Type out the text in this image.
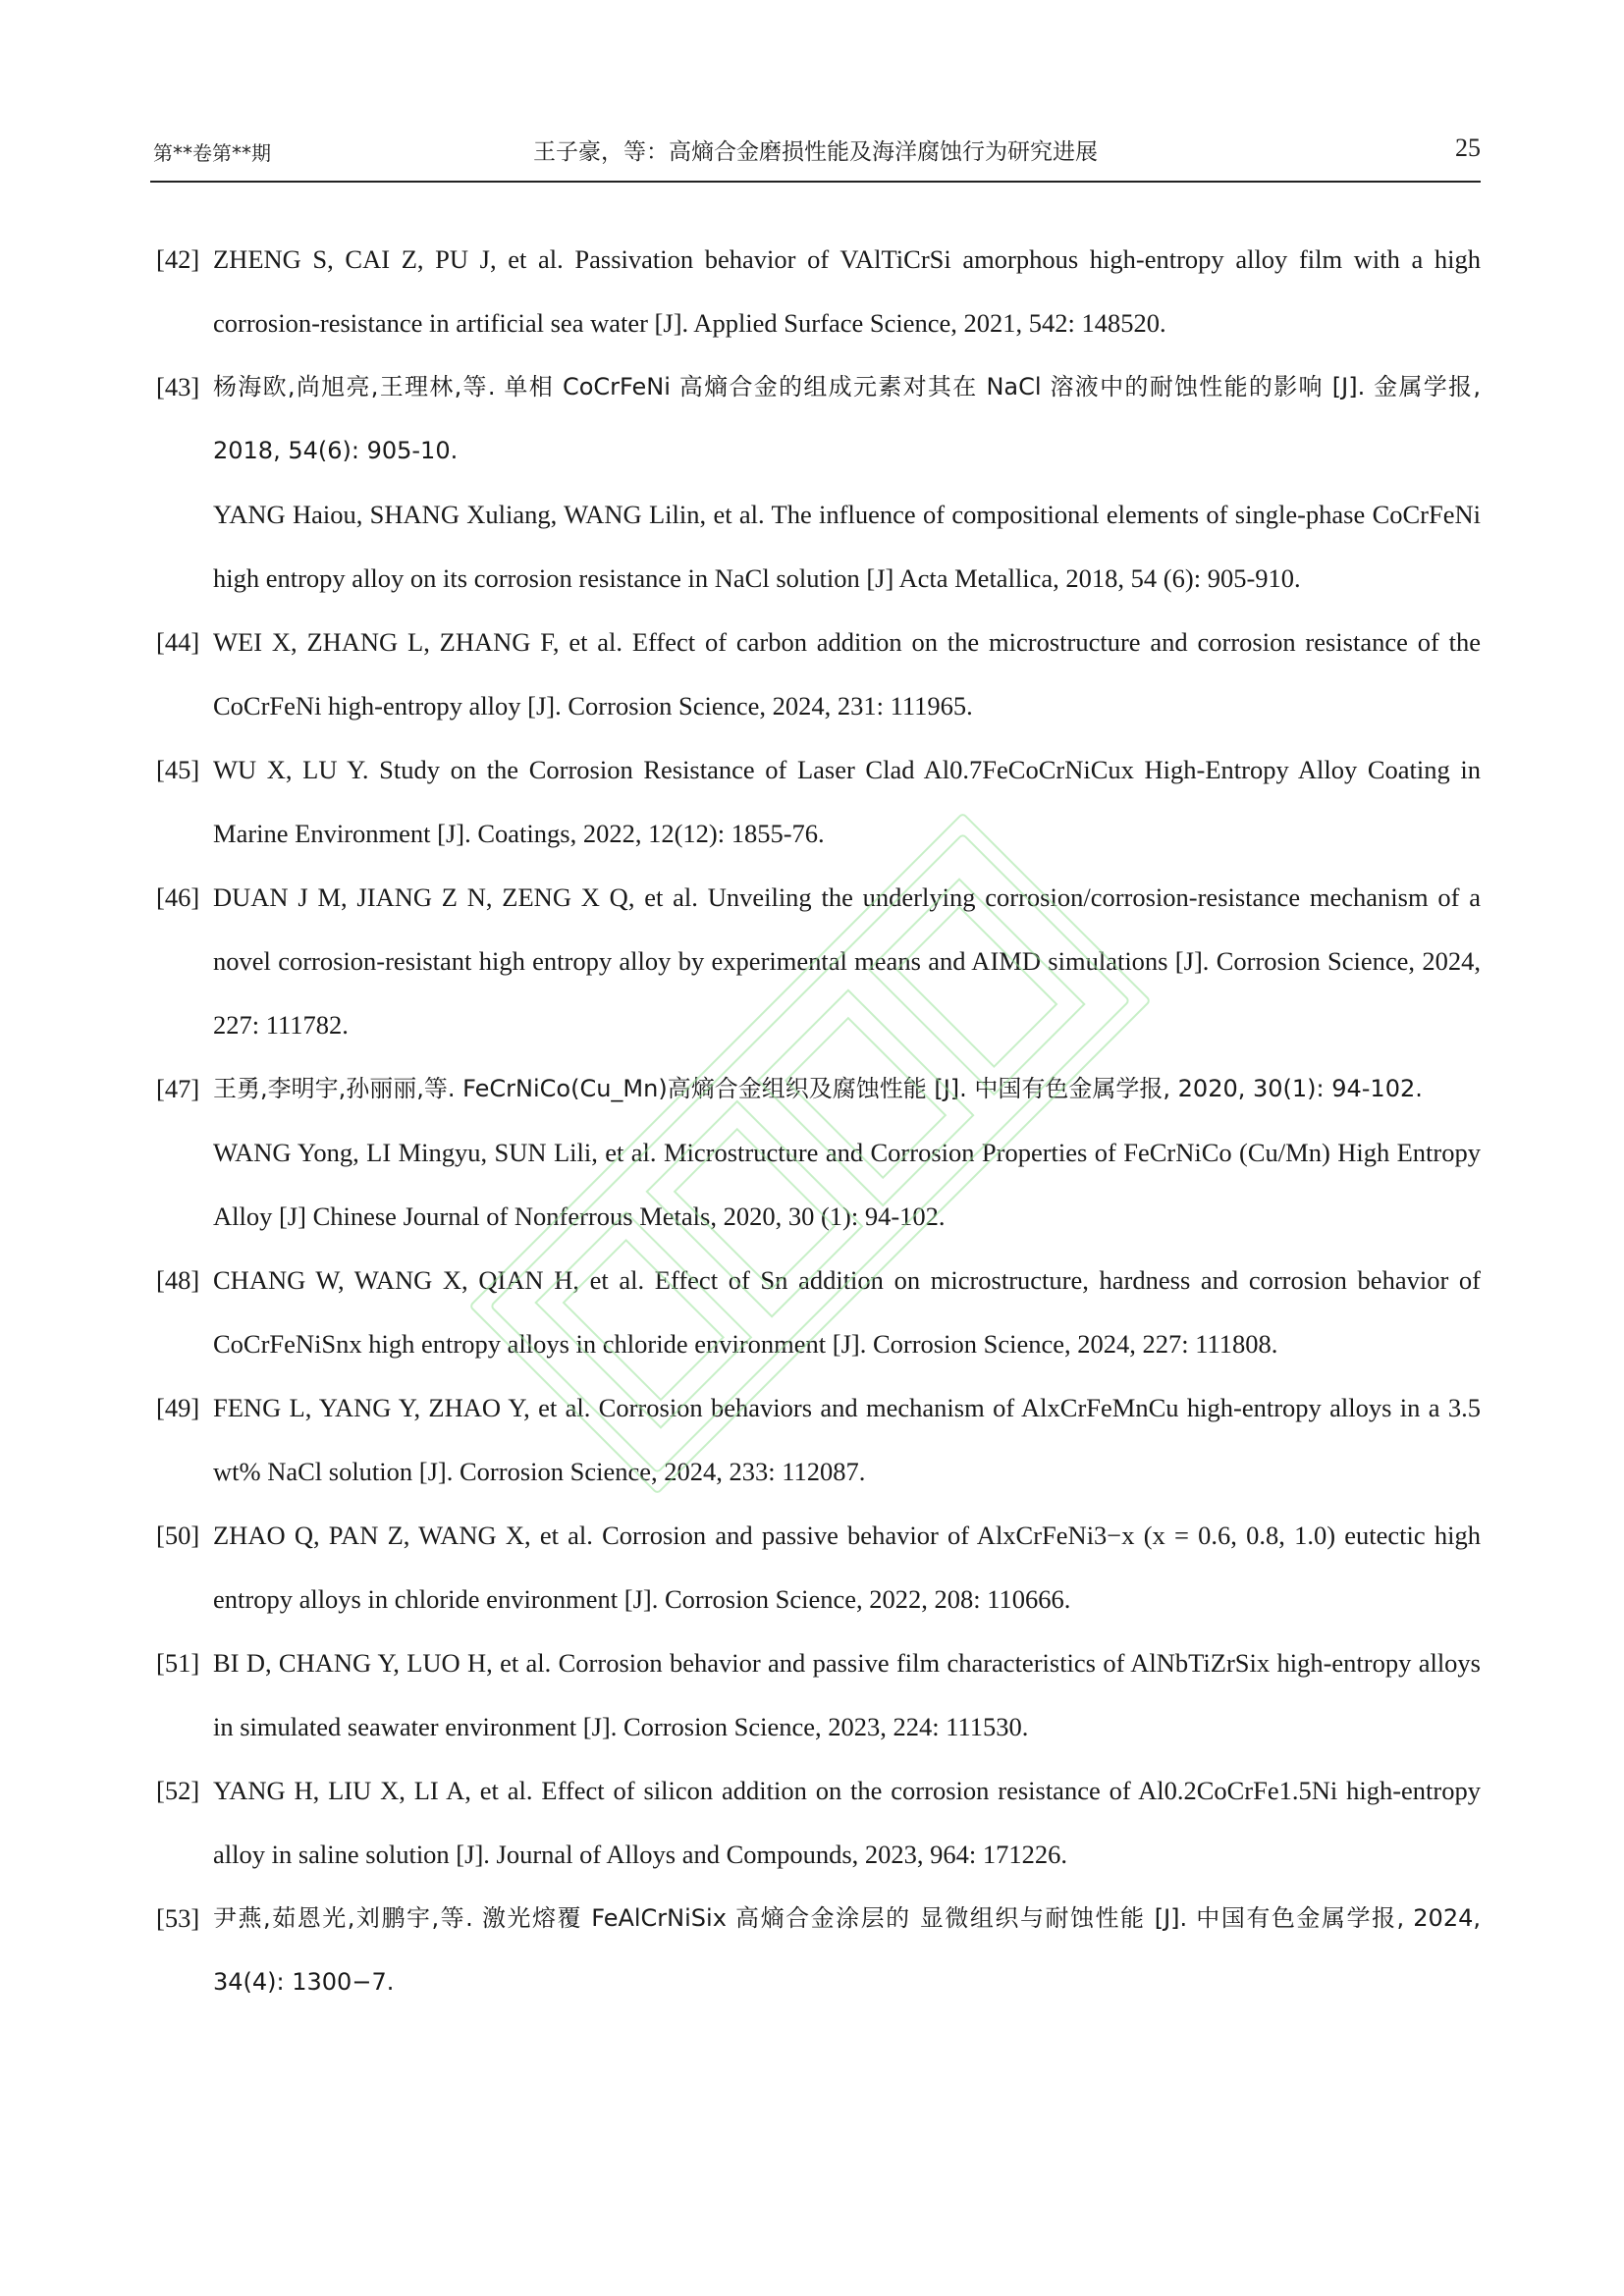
第**卷第**期	王子豪，等：高熵合金磨损性能及海洋腐蚀行为研究进展	25
[42] ZHENG S, CAI Z, PU J, et al. Passivation behavior of VAlTiCrSi amorphous high-entropy alloy film with a high corrosion-resistance in artificial sea water [J]. Applied Surface Science, 2021, 542: 148520.
[43] 杨海欧,尚旭亮,王理林,等. 单相 CoCrFeNi 高熵合金的组成元素对其在 NaCl 溶液中的耐蚀性能的影响 [J]. 金属学报, 2018, 54(6): 905-10.
YANG Haiou, SHANG Xuliang, WANG Lilin, et al. The influence of compositional elements of single-phase CoCrFeNi high entropy alloy on its corrosion resistance in NaCl solution [J] Acta Metallica, 2018, 54 (6): 905-910.
[44] WEI X, ZHANG L, ZHANG F, et al. Effect of carbon addition on the microstructure and corrosion resistance of the CoCrFeNi high-entropy alloy [J]. Corrosion Science, 2024, 231: 111965.
[45] WU X, LU Y. Study on the Corrosion Resistance of Laser Clad Al0.7FeCoCrNiCux High-Entropy Alloy Coating in Marine Environment [J]. Coatings, 2022, 12(12): 1855-76.
[46] DUAN J M, JIANG Z N, ZENG X Q, et al. Unveiling the underlying corrosion/corrosion-resistance mechanism of a novel corrosion-resistant high entropy alloy by experimental means and AIMD simulations [J]. Corrosion Science, 2024, 227: 111782.
[47] 王勇,李明宇,孙丽丽,等. FeCrNiCo(Cu_Mn)高熵合金组织及腐蚀性能 [J]. 中国有色金属学报, 2020, 30(1): 94-102.
WANG Yong, LI Mingyu, SUN Lili, et al. Microstructure and Corrosion Properties of FeCrNiCo (Cu/Mn) High Entropy Alloy [J] Chinese Journal of Nonferrous Metals, 2020, 30 (1): 94-102.
[48] CHANG W, WANG X, QIAN H, et al. Effect of Sn addition on microstructure, hardness and corrosion behavior of CoCrFeNiSnx high entropy alloys in chloride environment [J]. Corrosion Science, 2024, 227: 111808.
[49] FENG L, YANG Y, ZHAO Y, et al. Corrosion behaviors and mechanism of AlxCrFeMnCu high-entropy alloys in a 3.5 wt% NaCl solution [J]. Corrosion Science, 2024, 233: 112087.
[50] ZHAO Q, PAN Z, WANG X, et al. Corrosion and passive behavior of AlxCrFeNi3−x (x = 0.6, 0.8, 1.0) eutectic high entropy alloys in chloride environment [J]. Corrosion Science, 2022, 208: 110666.
[51] BI D, CHANG Y, LUO H, et al. Corrosion behavior and passive film characteristics of AlNbTiZrSix high-entropy alloys in simulated seawater environment [J]. Corrosion Science, 2023, 224: 111530.
[52] YANG H, LIU X, LI A, et al. Effect of silicon addition on the corrosion resistance of Al0.2CoCrFe1.5Ni high-entropy alloy in saline solution [J]. Journal of Alloys and Compounds, 2023, 964: 171226.
[53] 尹燕,茹恩光,刘鹏宇,等. 激光熔覆 FeAlCrNiSix 高熵合金涂层的 显微组织与耐蚀性能 [J]. 中国有色金属学报, 2024, 34(4): 1300−7.
